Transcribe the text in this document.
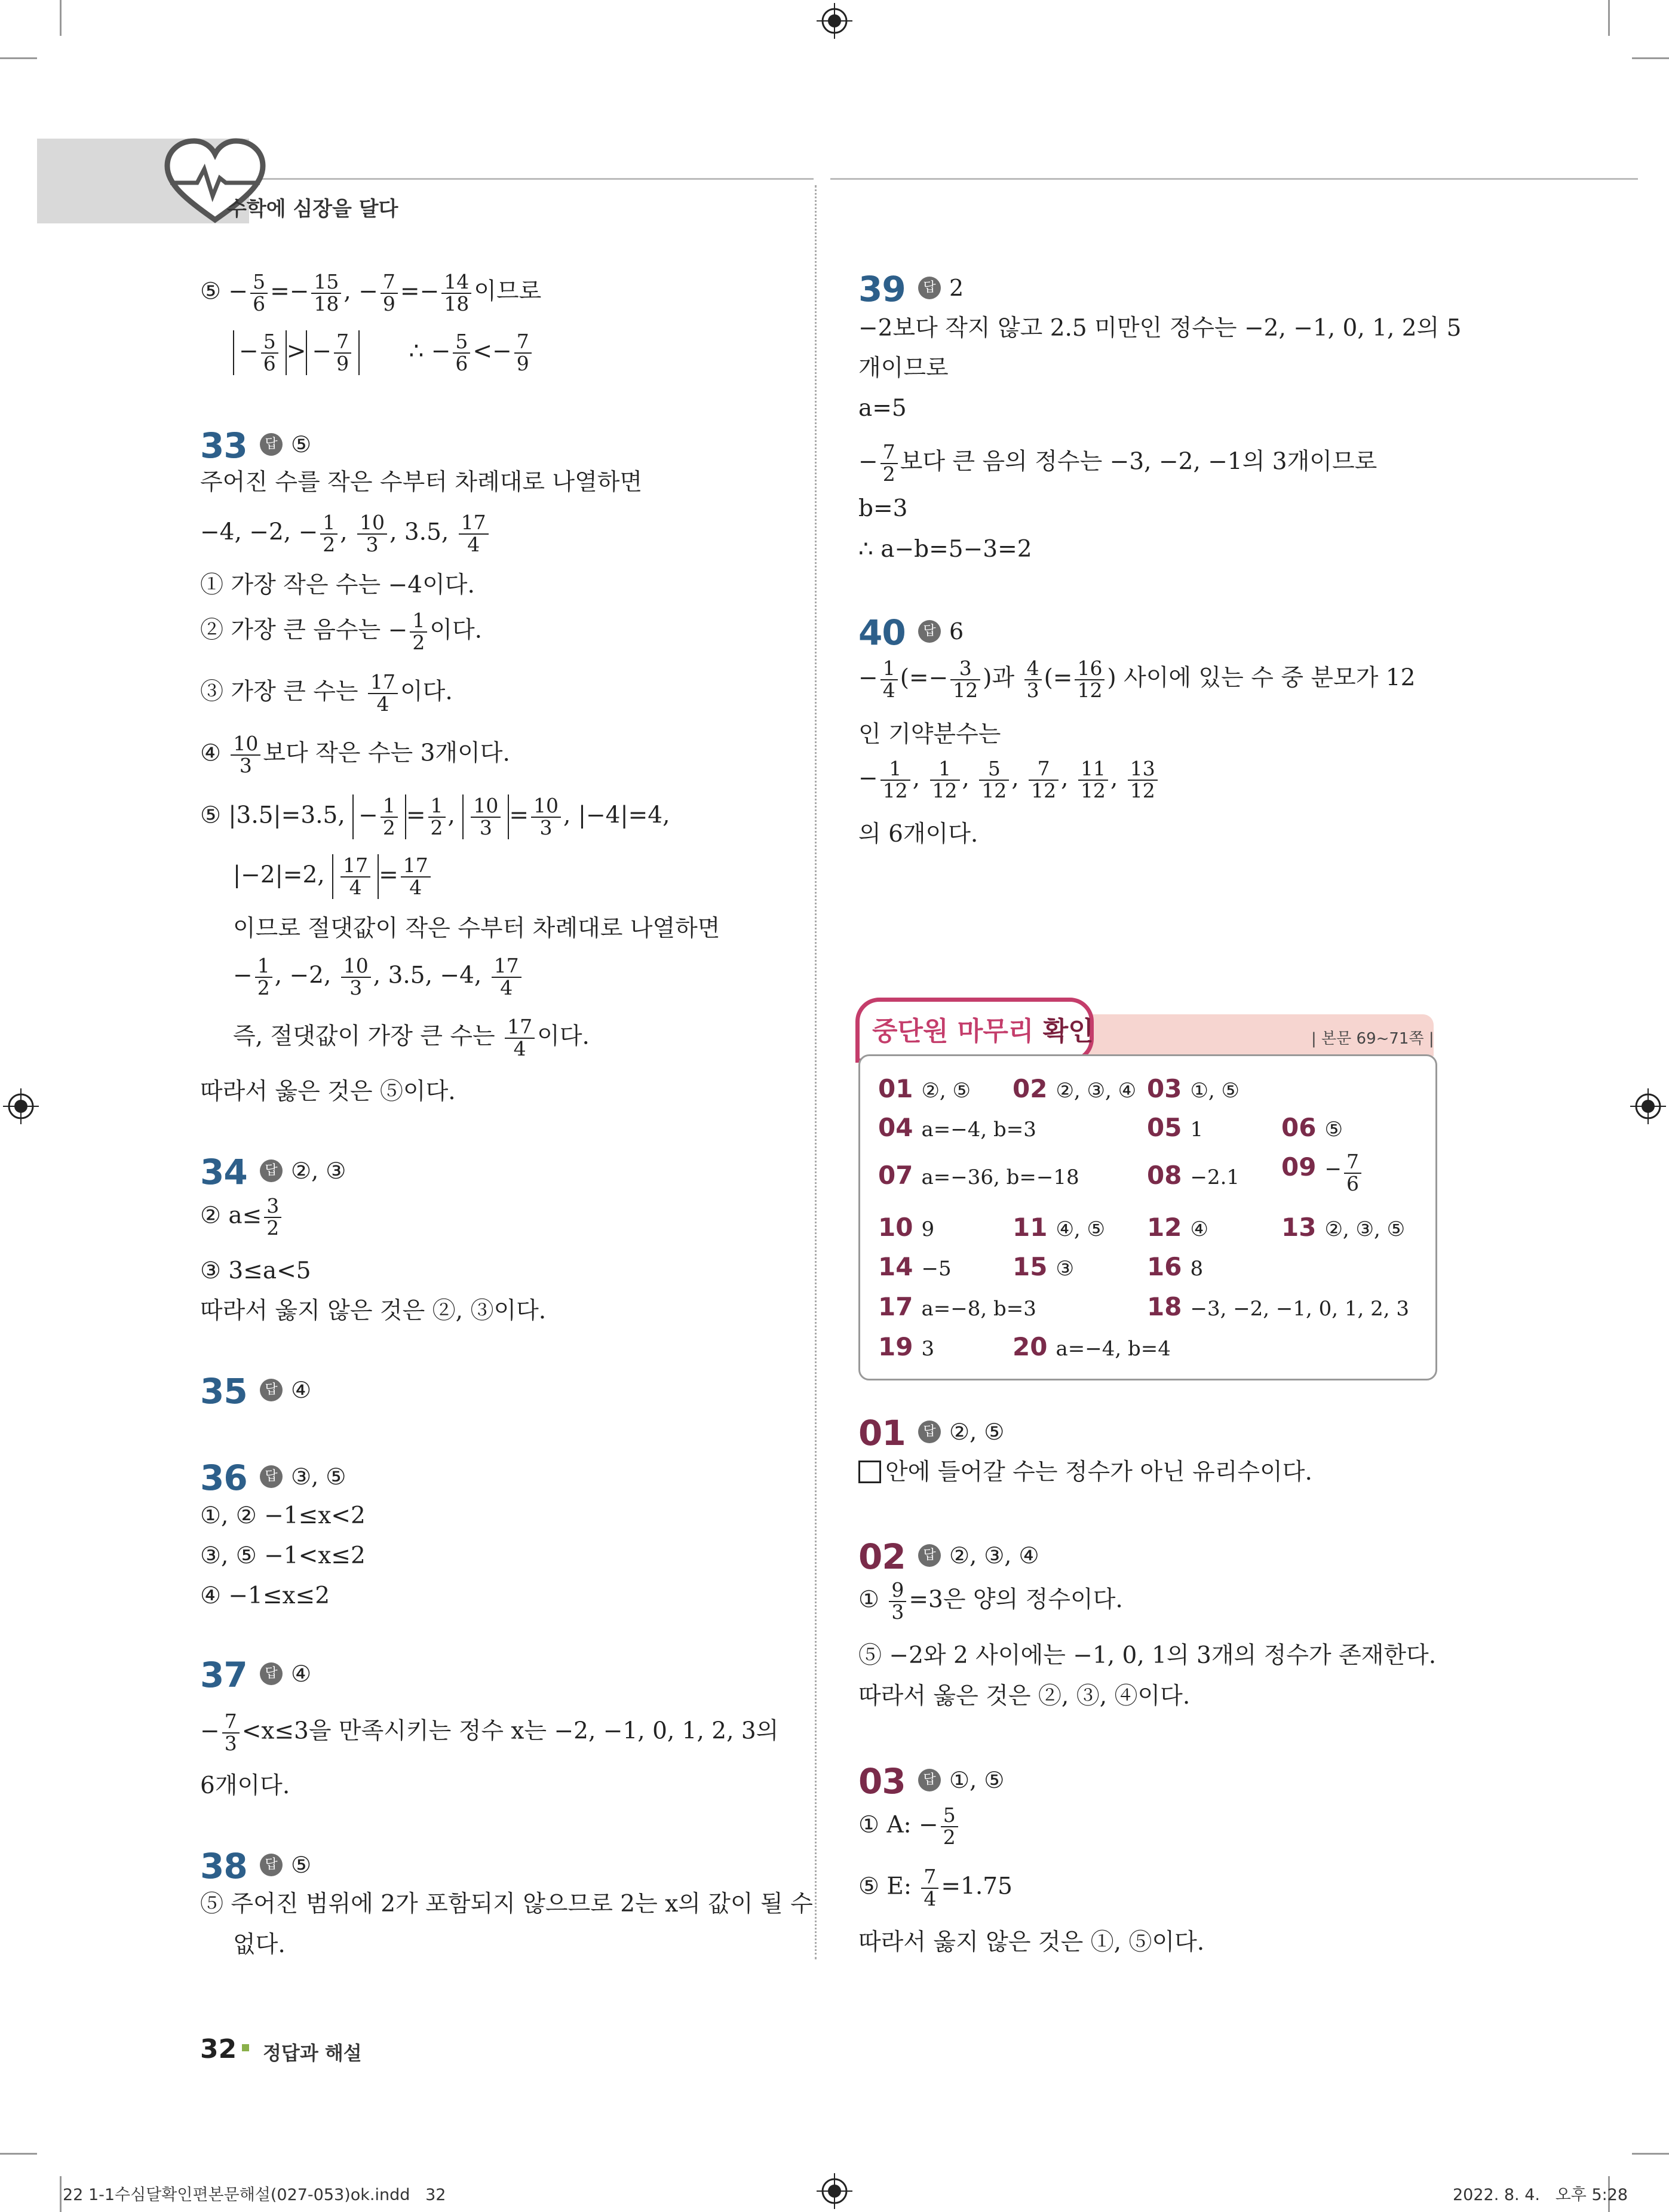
수학에 심장을 달다
⑤ − $\frac{5}{6} =- \frac{15}{18}$ , − $\frac{7}{9} =- \frac{14}{18}$ 이므로
− $\frac{5}{6}$ > − $\frac{7}{9}$ ∴ − $\frac{5}{6} <- \frac{7}{9}$
33	답 ⑤
주어진 수를 작은 수부터 차례대로 나열하면
−4, −2, − $\frac{1}{2}$ , $\frac{10}{3}$ , 3.5, $\frac{17}{4}$
① 가장 작은 수는 −4이다.
② 가장 큰 음수는 − $\frac{1}{2}$ 이다.
③ 가장 큰 수는 $\frac{17}{4}$ 이다.
④ $\frac{10}{3}$ 보다 작은 수는 3개이다.
⑤ |3.5|=3.5, − $\frac{1}{2} = \frac{1}{2}$ , $\frac{10}{3} = \frac{10}{3}$ , |−4|=4,
|−2|=2, $\frac{17}{4} = \frac{17}{4}$
이므로 절댓값이 작은 수부터 차례대로 나열하면
− $\frac{1}{2}$ , −2, $\frac{10}{3}$ , 3.5, −4, $\frac{17}{4}$
즉, 절댓값이 가장 큰 수는 $\frac{17}{4}$ 이다.
따라서 옳은 것은 ⑤이다.
34	답 ②, ③
② $a\le \frac{3}{2}$
③ 3≤a<5
따라서 옳지 않은 것은 ②, ③이다.
35	답 ④
36	답 ③, ⑤
①, ② −1≤x<2
③, ⑤ −1<x≤2
④ −1≤x≤2
37	답 ④
− $\frac{7}{3} <x\le 3$을 만족시키는 정수 x는 −2, −1, 0, 1, 2, 3의
6개이다.
38	답 ⑤
⑤ 주어진 범위에 2가 포함되지 않으므로 2는 x의 값이 될 수
없다.
39	답 2
−2보다 작지 않고 2.5 미만인 정수는 −2, −1, 0, 1, 2의 5
개이므로
a=5
− $\frac{7}{2}$ 보다 큰 음의 정수는 −3, −2, −1의 3개이므로
b=3
∴ a−b=5−3=2
40	답 6
− $\frac{1}{4}$ (=− $\frac{3}{12}$ )과 $\frac{4}{3}$ (= $\frac{16}{12}$ ) 사이에 있는 수 중 분모가 12
인 기약분수는
− $\frac{1}{12}$ , $\frac{1}{12}$ , $\frac{5}{12}$ , $\frac{7}{12}$ , $\frac{11}{12}$ , $\frac{13}{12}$
의 6개이다.
중단원 마무리 확인	| 본문 69~71쪽 |
01 ②, ⑤ 02 ②, ③, ④ 03 ①, ⑤
04 a=−4, b=3	05 1	06 ⑤
07 a=−36, b=−18	08 −2.1 $09 - \frac{7}{6}$
10 9	11 ④, ⑤ 12 ④	13 ②, ③, ⑤
14 −5 15 ③	16 8
17 a=−8, b=3	18 −3, −2, −1, 0, 1, 2, 3
19 3	20 a=−4, b=4
01	답 ②, ⑤
안에 들어갈 수는 정수가 아닌 유리수이다.
02	답 ②, ③, ④
① $\frac{9}{3} =3$은 양의 정수이다.
⑤ −2와 2 사이에는 −1, 0, 1의 3개의 정수가 존재한다.
따라서 옳은 것은 ②, ③, ④이다.
03	답 ①, ⑤
① A: − $\frac{5}{2}$
⑤ E: $\frac{7}{4} =1.75$
따라서 옳지 않은 것은 ①, ⑤이다.
32 정답과 해설
22 1-1수심달확인편본문해설(027-053)ok.indd   32	2022. 8. 4.   오후 5:28
